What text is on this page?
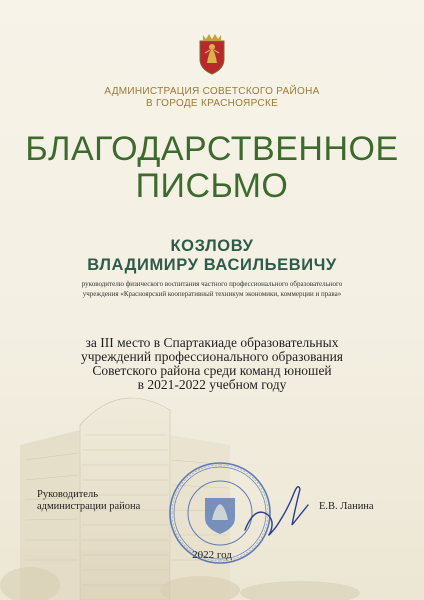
АДМИНИСТРАЦИЯ СОВЕТСКОГО РАЙОНА
В ГОРОДЕ КРАСНОЯРСКЕ
БЛАГОДАРСТВЕННОЕ
ПИСЬМО
КОЗЛОВУ
ВЛАДИМИРУ ВАСИЛЬЕВИЧУ
руководителю физического воспитания частного профессионального образовательного
учреждения «Красноярский кооперативный техникум экономики, коммерции и права»
за III место в Спартакиаде образовательных
учреждений профессионального образования
Советского района среди команд юношей
в 2021-2022 учебном году
Руководитель
администрации района	Е.В. Ланина
2022 год
